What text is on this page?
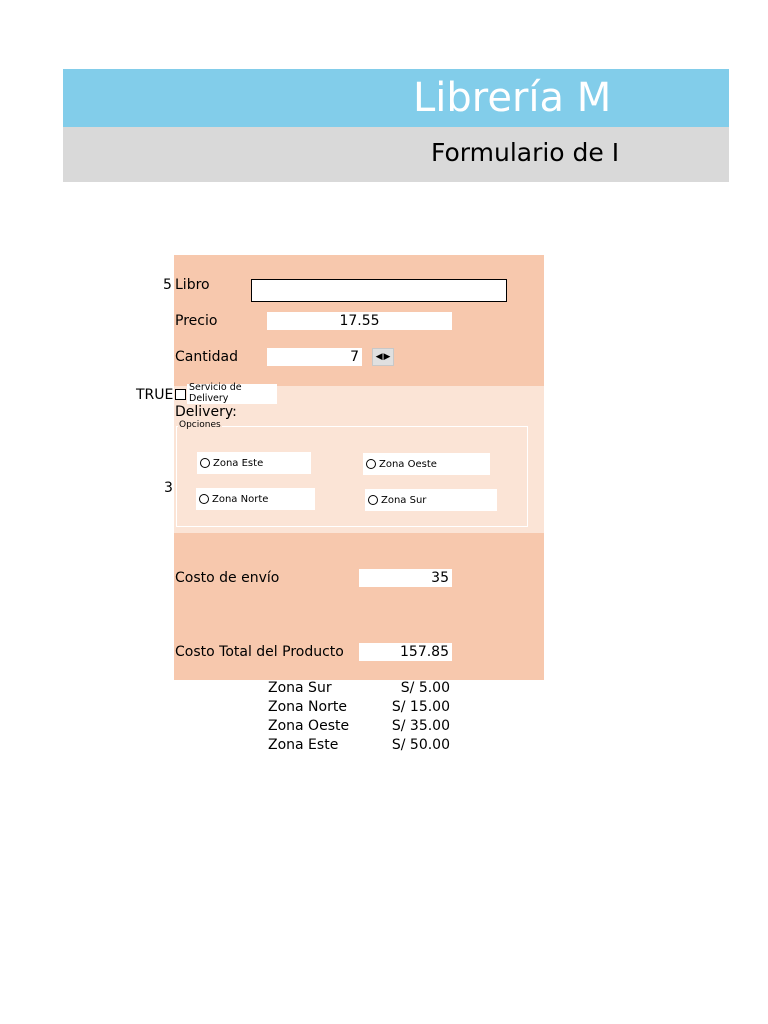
Librería M
Formulario de I
5 Libro
Precio	17.55
Cantidad	7	◀ ▶
TRUE Servicio de Delivery
Delivery:
Opciones
3
Zona Este	Zona Oeste
Zona Norte	Zona Sur
Costo de envío	35
Costo Total del Producto	157.85
Zona Sur	S/ 5.00
Zona Norte	S/ 15.00
Zona Oeste	S/ 35.00
Zona Este	S/ 50.00
